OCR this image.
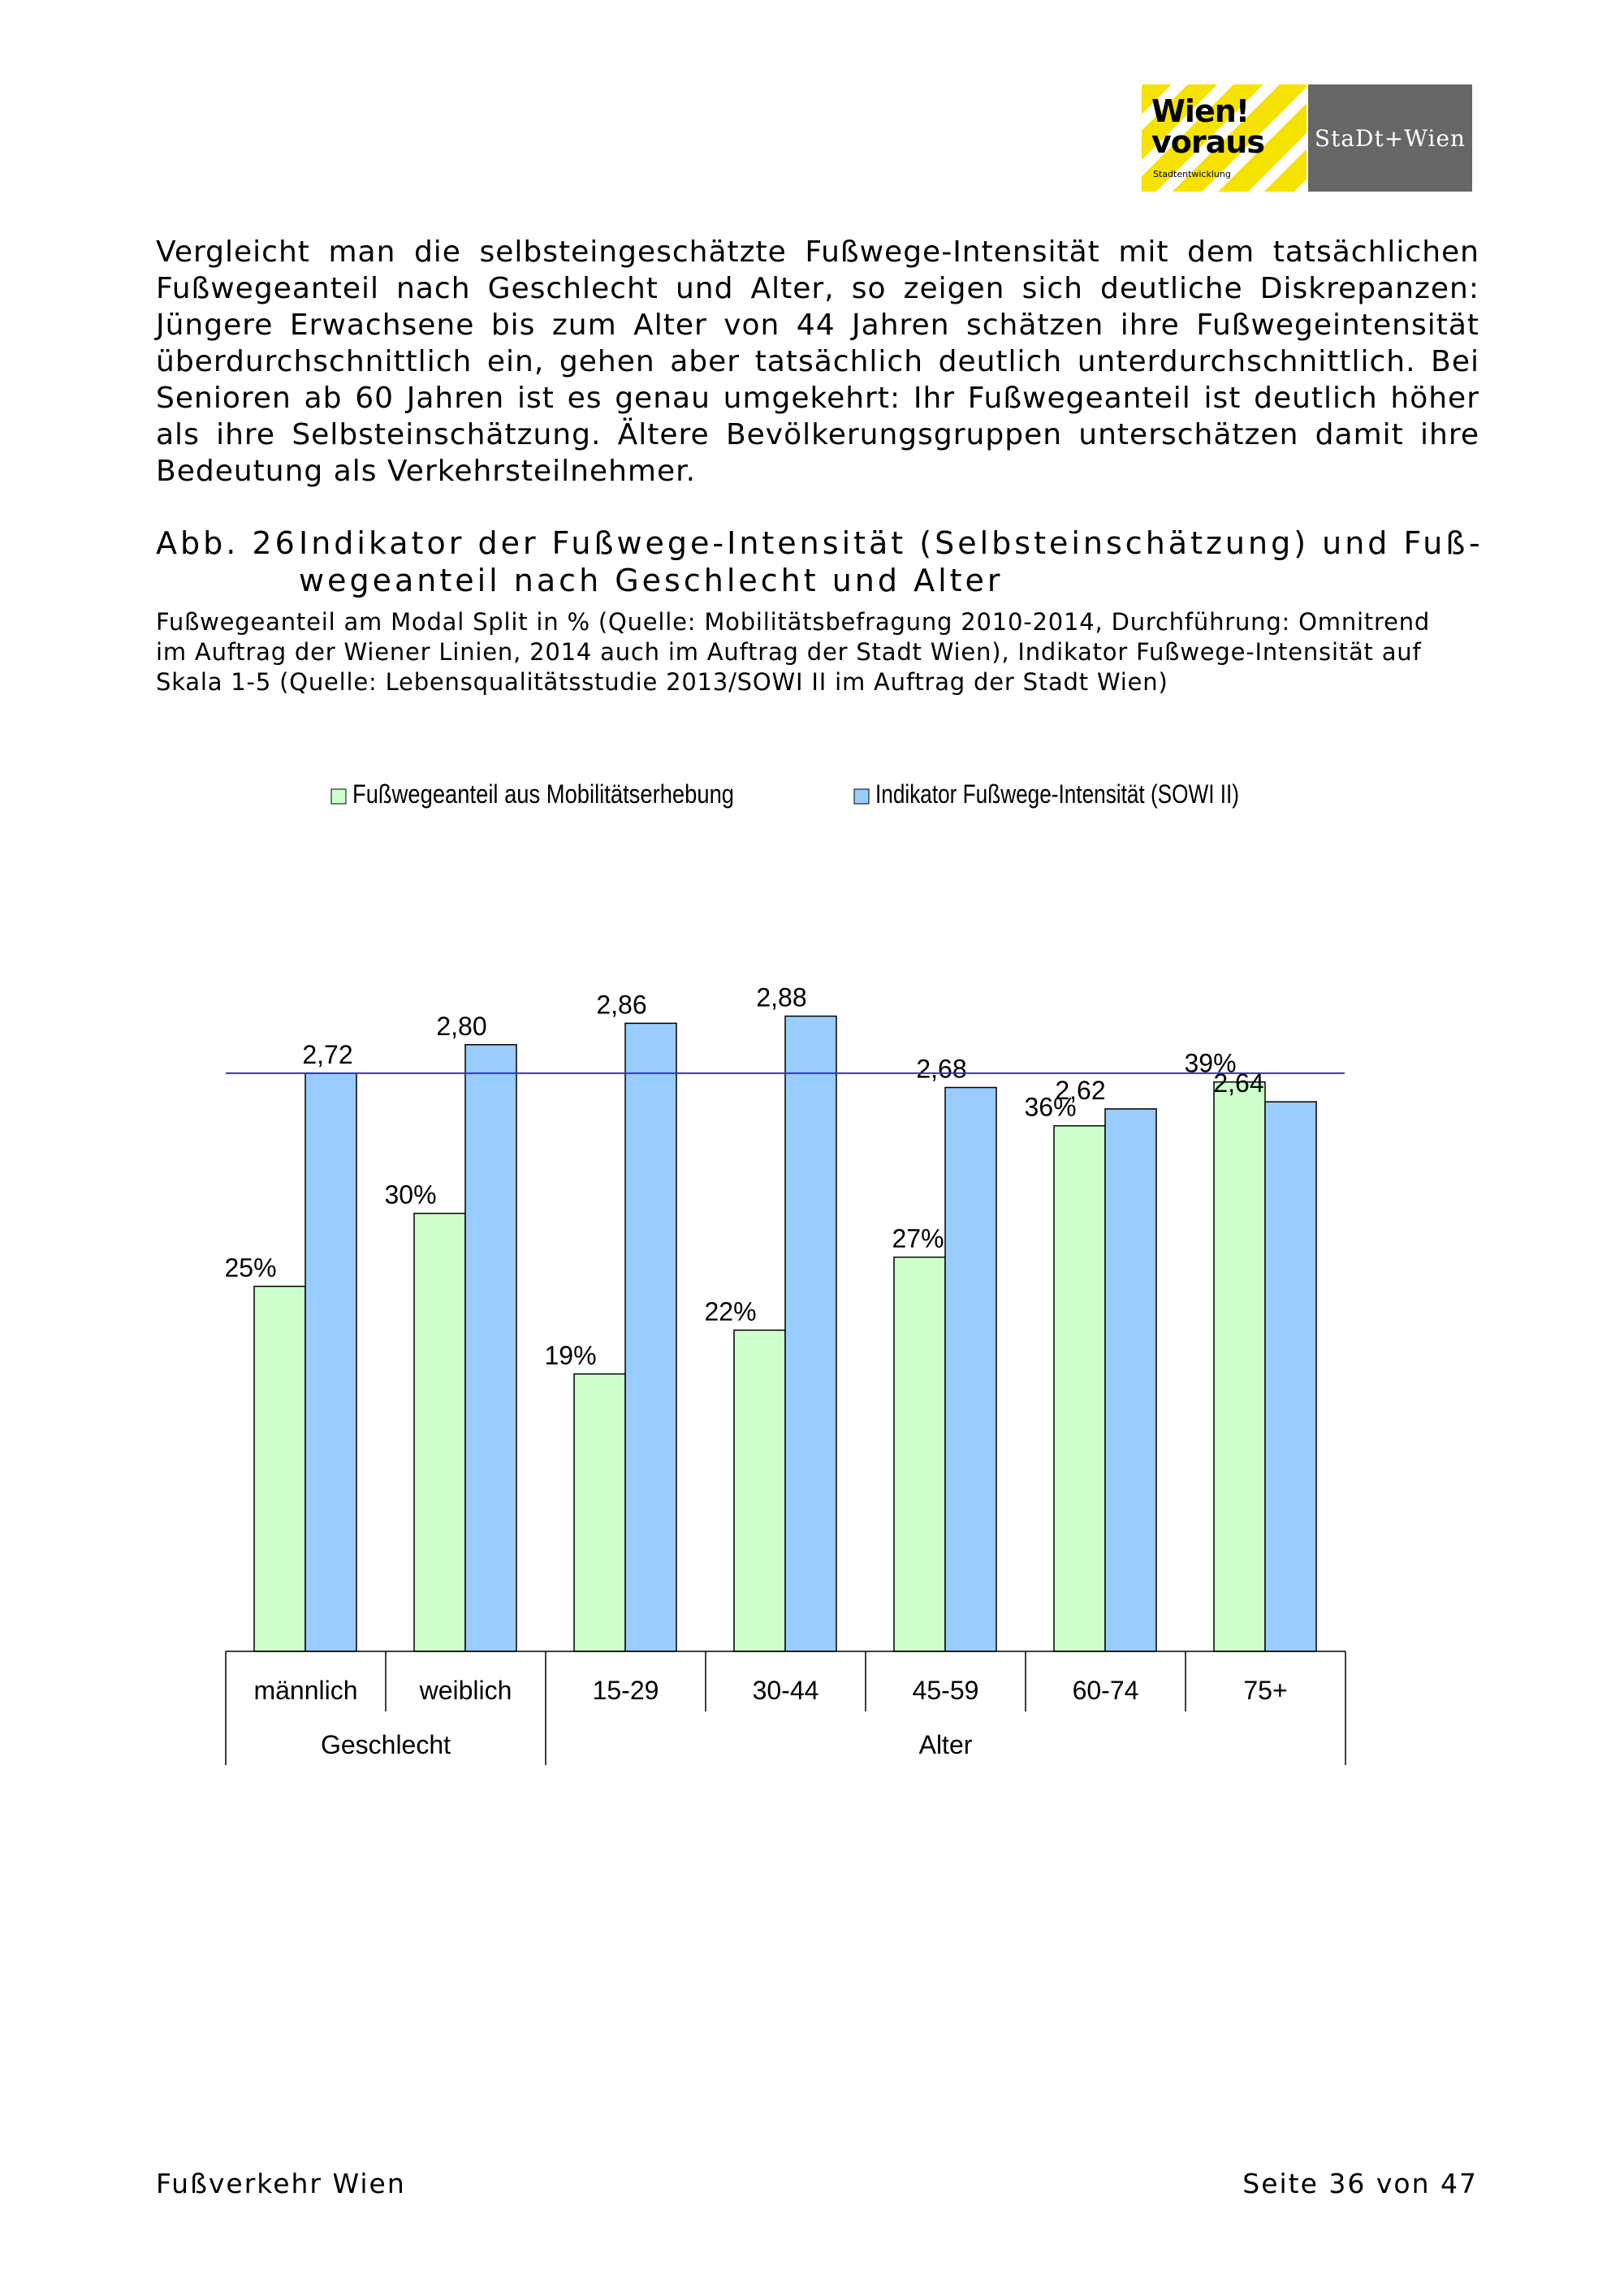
Wien!
voraus
Stadtentwicklung
StaDt+Wien
Vergleicht man die selbsteingeschätzte Fußwege-Intensität mit dem tatsächlichen Fußwegeanteil nach Geschlecht und Alter, so zeigen sich deutliche Diskrepanzen: Jüngere Erwachsene bis zum Alter von 44 Jahren schätzen ihre Fußwegeintensität überdurchschnittlich ein, gehen aber tatsächlich deutlich unterdurchschnittlich. Bei Senioren ab 60 Jahren ist es genau umgekehrt: Ihr Fußwegeanteil ist deutlich höher als ihre Selbsteinschätzung. Ältere Bevölkerungsgruppen unterschätzen damit ihre Bedeutung als Verkehrsteilnehmer.
Abb. 26 Indikator der Fußwege-Intensität (Selbsteinschätzung) und Fuß-
wegeanteil nach Geschlecht und Alter
Fußwegeanteil am Modal Split in % (Quelle: Mobilitätsbefragung 2010-2014, Durchführung: Omnitrend im Auftrag der Wiener Linien, 2014 auch im Auftrag der Stadt Wien), Indikator Fußwege-Intensität auf Skala 1-5 (Quelle: Lebensqualitätsstudie 2013/SOWI II im Auftrag der Stadt Wien)
Fußwegeanteil aus Mobilitätserhebung	Indikator Fußwege-Intensität (SOWI II)
25%
2,72
30%
2,80
19%
2,86
22%
2,88
27%
2,68
36%
2,62
39%
2,64
männlich weiblich	15-29	30-44	45-59	60-74	75+
Geschlecht	Alter
Fußverkehr Wien	Seite 36 von 47
